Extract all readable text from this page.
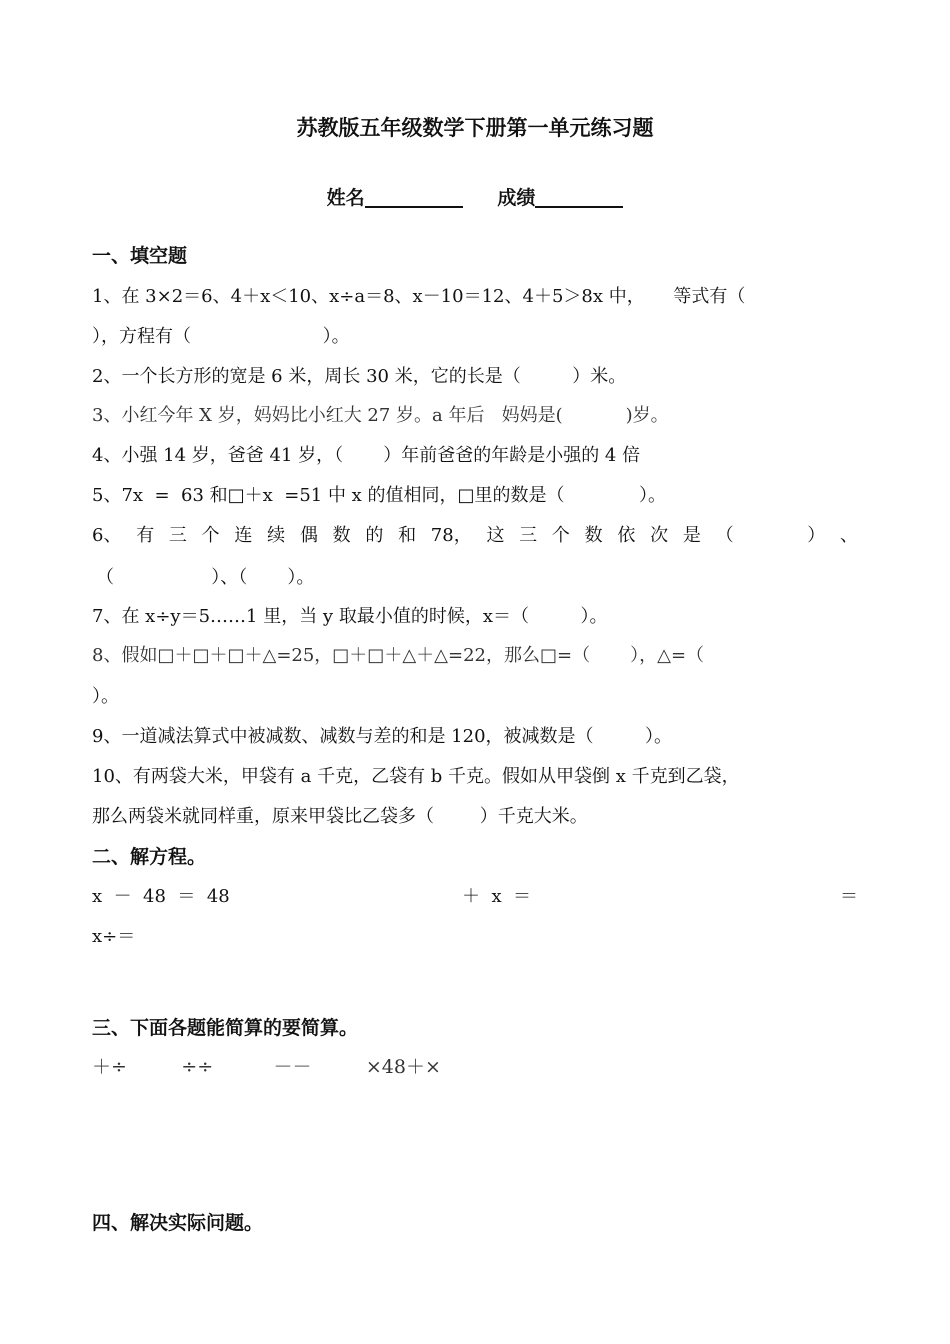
苏教版五年级数学下册第一单元练习题
姓名	成绩
一、填空题
1、在 3×2＝6、4＋x＜10、x÷a＝8、x－10＝12、4＋5＞8x 中，     等式有（
），方程有（                       ）。
2、一个长方形的宽是 6 米，周长 30 米，它的长是（         ）米。
3、小红今年 X 岁，妈妈比小红大 27 岁。a 年后   妈妈是(           )岁。
4、小强 14 岁，爸爸 41 岁，（       ）年前爸爸的年龄是小强的 4 倍
5、7x  =  63 和□＋x  =51 中 x 的值相同，□里的数是（             ）。
6、 有 三 个 连 续 偶 数 的 和 78， 这 三 个 数 依 次 是 （	） 、
（                 ）、（       ）。
7、在 x÷y＝5……1 里，当 y 取最小值的时候，x＝（         ）。
8、假如□＋□＋□＋△=25，□＋□＋△＋△=22，那么□=（       ），△=（
）。
9、一道减法算式中被减数、减数与差的和是 120，被减数是（         ）。
10、有两袋大米，甲袋有 a 千克，乙袋有 b 千克。假如从甲袋倒 x 千克到乙袋，
那么两袋米就同样重，原来甲袋比乙袋多（        ）千克大米。
二、解方程。
x  －  48  ＝  48	＋  x  ＝	＝
x÷＝
三、下面各题能简算的要简算。
＋÷         ÷÷          －－         ×48＋×
四、解决实际问题。
